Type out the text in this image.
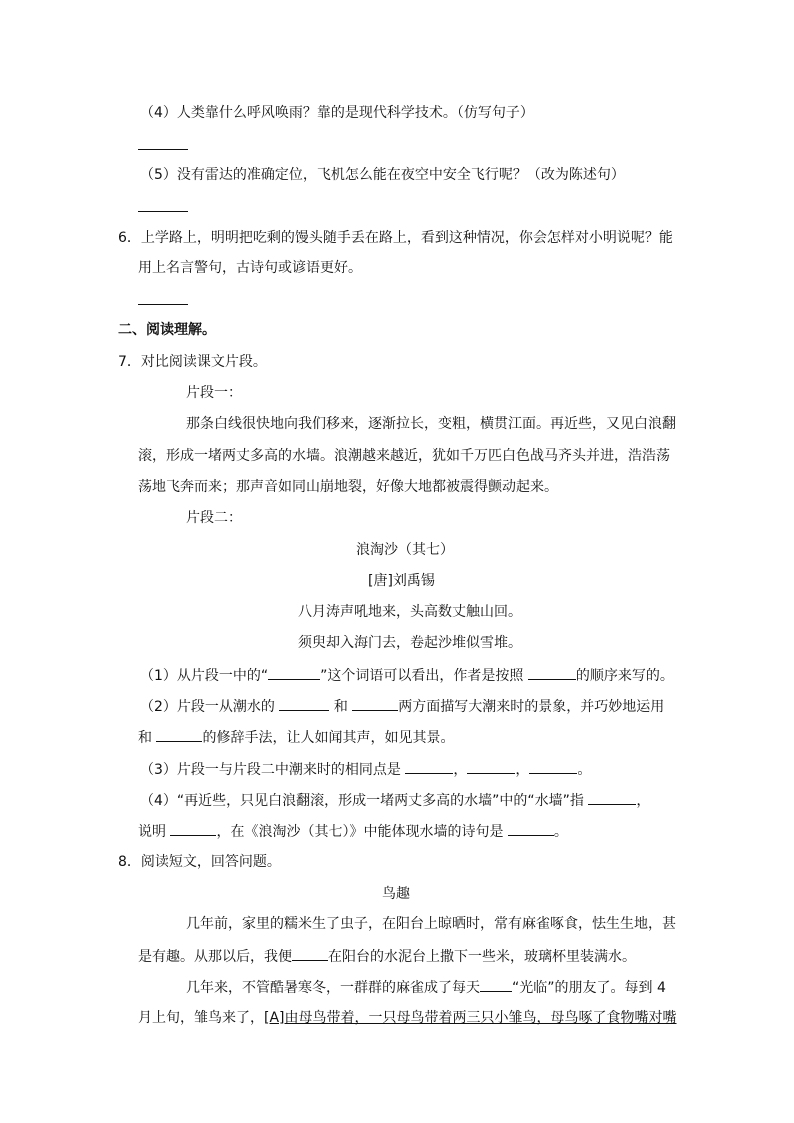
（4）人类靠什么呼风唤雨？靠的是现代科学技术。（仿写句子）
（5）没有雷达的准确定位，飞机怎么能在夜空中安全飞行呢？（改为陈述句）
6．上学路上，明明把吃剩的馒头随手丢在路上，看到这种情况，你会怎样对小明说呢？能
用上名言警句，古诗句或谚语更好。
二、阅读理解。
7．对比阅读课文片段。
片段一：
那条白线很快地向我们移来，逐渐拉长，变粗，横贯江面。再近些，又见白浪翻
滚，形成一堵两丈多高的水墙。浪潮越来越近，犹如千万匹白色战马齐头并进，浩浩荡
荡地飞奔而来；那声音如同山崩地裂，好像大地都被震得颤动起来。
片段二：
浪淘沙（其七）
[唐]刘禹锡
八月涛声吼地来，头高数丈触山回。
须臾却入海门去，卷起沙堆似雪堆。
（1）从片段一中的“	”这个词语可以看出，作者是按照	的顺序来写的。
（2）片段一从潮水的	和	两方面描写大潮来时的景象，并巧妙地运用
和	的修辞手法，让人如闻其声，如见其景。
（3）片段一与片段二中潮来时的相同点是	，	，	。
（4）“再近些，只见白浪翻滚，形成一堵两丈多高的水墙”中的“水墙”指	，
说明	，在《浪淘沙（其七）》中能体现水墙的诗句是	。
8．阅读短文，回答问题。
鸟趣
几年前，家里的糯米生了虫子，在阳台上晾晒时，常有麻雀啄食，怯生生地，甚
是有趣。从那以后，我便	在阳台的水泥台上撒下一些米，玻璃杯里装满水。
几年来，不管酷暑寒冬，一群群的麻雀成了每天 “光临”的朋友了。每到 4
月上旬，雏鸟来了，[A]由母鸟带着，一只母鸟带着两三只小雏鸟，母鸟啄了食物嘴对嘴
